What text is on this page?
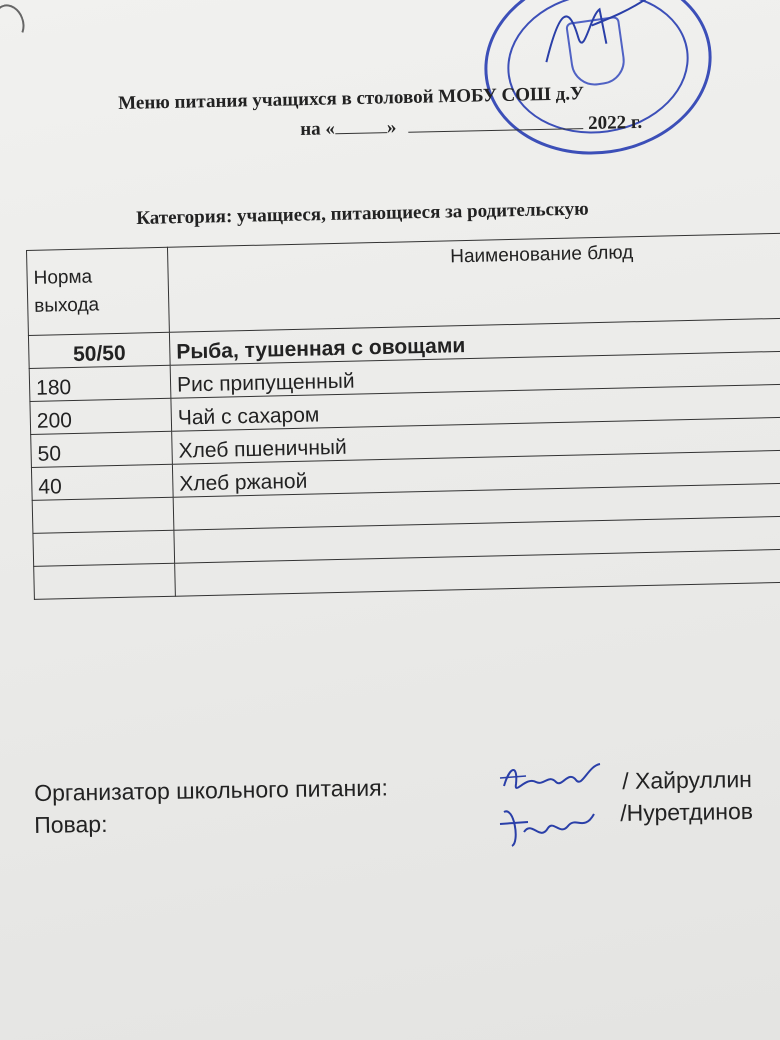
Меню питания учащихся в столовой МОБУ СОШ д.У
на «	»	2022 г.
Категория: учащиеся, питающиеся за родительскую
Норма
выхода	Наименование блюд
50/50	Рыба, тушенная с овощами
180	Рис припущенный
200	Чай с сахаром
50	Хлеб пшеничный
40	Хлеб ржаной

Организатор школьного питания:
Повар:
/ Хайруллин
/Нуретдинов
